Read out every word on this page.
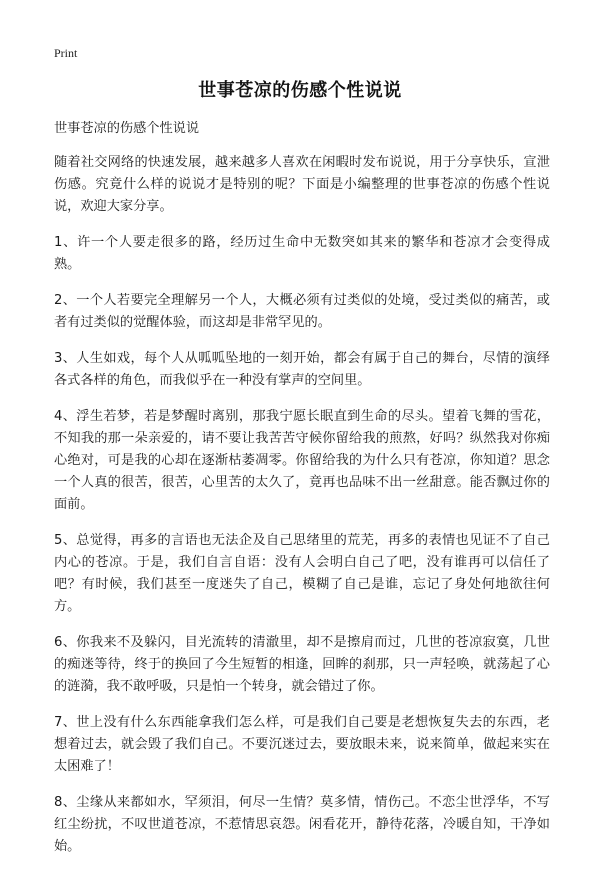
Print
世事苍凉的伤感个性说说

世事苍凉的伤感个性说说

随着社交网络的快速发展，越来越多人喜欢在闲暇时发布说说，用于分享快乐，宣泄伤感。究竟什么样的说说才是特别的呢？下面是小编整理的世事苍凉的伤感个性说说，欢迎大家分享。

1、许一个人要走很多的路，经历过生命中无数突如其来的繁华和苍凉才会变得成熟。

2、一个人若要完全理解另一个人，大概必须有过类似的处境，受过类似的痛苦，或者有过类似的觉醒体验，而这却是非常罕见的。

3、人生如戏，每个人从呱呱坠地的一刻开始，都会有属于自己的舞台，尽情的演绎各式各样的角色，而我似乎在一种没有掌声的空间里。

4、浮生若梦，若是梦醒时离别，那我宁愿长眠直到生命的尽头。望着飞舞的雪花，不知我的那一朵亲爱的，请不要让我苦苦守候你留给我的煎熬，好吗？纵然我对你痴心绝对，可是我的心却在逐渐枯萎凋零。你留给我的为什么只有苍凉，你知道？思念一个人真的很苦，很苦，心里苦的太久了，竟再也品味不出一丝甜意。能否飘过你的面前。

5、总觉得，再多的言语也无法企及自己思绪里的荒芜，再多的表情也见证不了自己内心的苍凉。于是，我们自言自语：没有人会明白自己了吧，没有谁再可以信任了吧？有时候，我们甚至一度迷失了自己，模糊了自己是谁，忘记了身处何地欲往何方。

6、你我来不及躲闪，目光流转的清澈里，却不是擦肩而过，几世的苍凉寂寞，几世的痴迷等待，终于的换回了今生短暂的相逢，回眸的刹那，只一声轻唤，就荡起了心的涟漪，我不敢呼吸，只是怕一个转身，就会错过了你。

7、世上没有什么东西能拿我们怎么样，可是我们自己要是老想恢复失去的东西，老想着过去，就会毁了我们自己。不要沉迷过去，要放眼未来，说来简单，做起来实在太困难了！

8、尘缘从来都如水，罕须泪，何尽一生情？莫多情，情伤己。不恋尘世浮华，不写红尘纷扰，不叹世道苍凉，不惹情思哀怨。闲看花开，静待花落，冷暖自知，干净如始。
